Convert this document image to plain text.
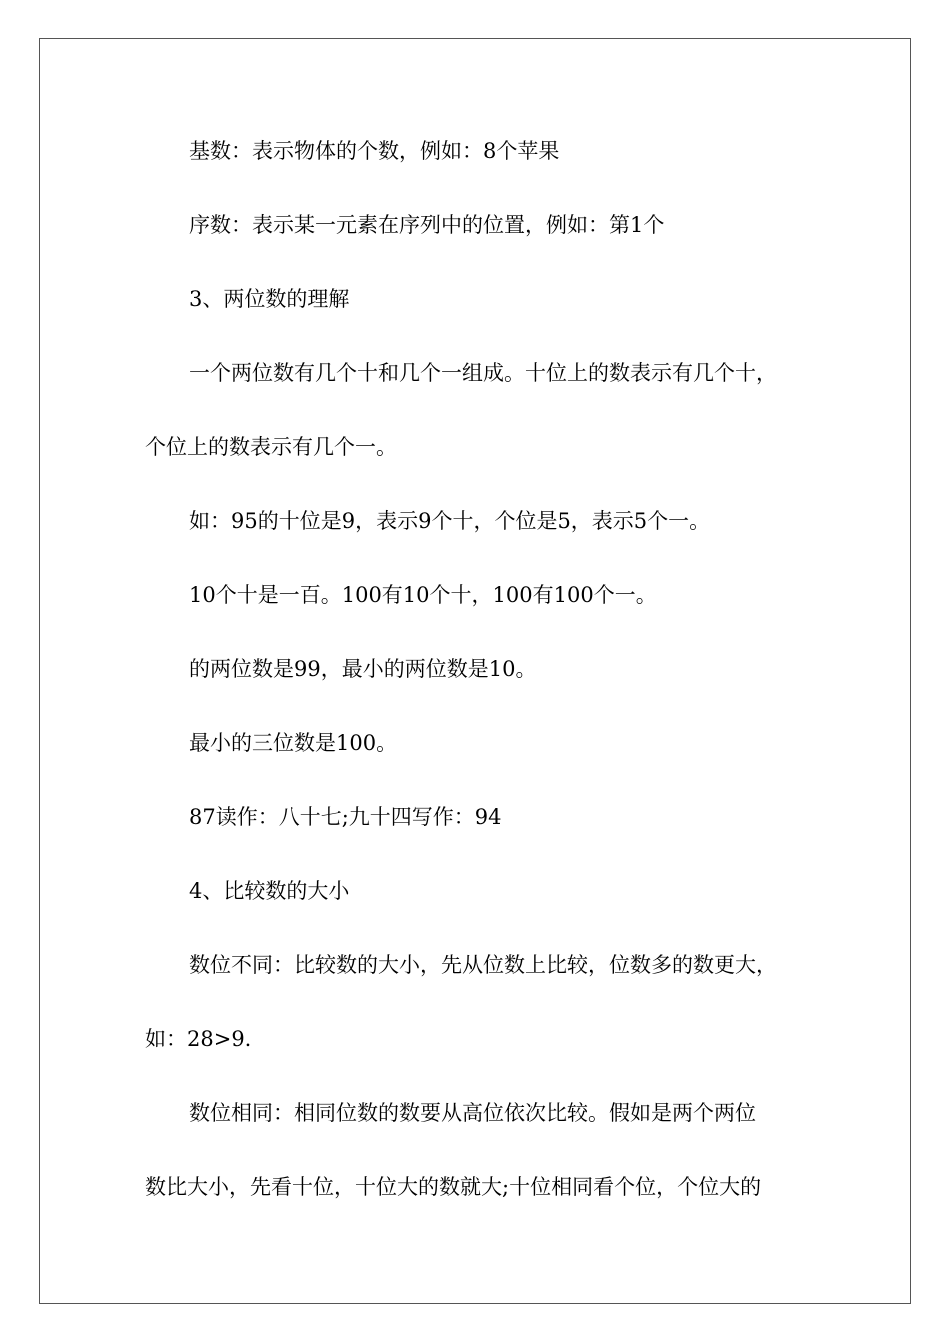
基数：表示物体的个数，例如：8个苹果
序数：表示某一元素在序列中的位置，例如：第1个
3、两位数的理解
一个两位数有几个十和几个一组成。十位上的数表示有几个十，
个位上的数表示有几个一。
如：95的十位是9，表示9个十，个位是5，表示5个一。
10个十是一百。100有10个十，100有100个一。
的两位数是99，最小的两位数是10。
最小的三位数是100。
87读作：八十七;九十四写作：94
4、比较数的大小
数位不同：比较数的大小，先从位数上比较，位数多的数更大，
如：28>9.
数位相同：相同位数的数要从高位依次比较。假如是两个两位
数比大小，先看十位，十位大的数就大;十位相同看个位，个位大的
